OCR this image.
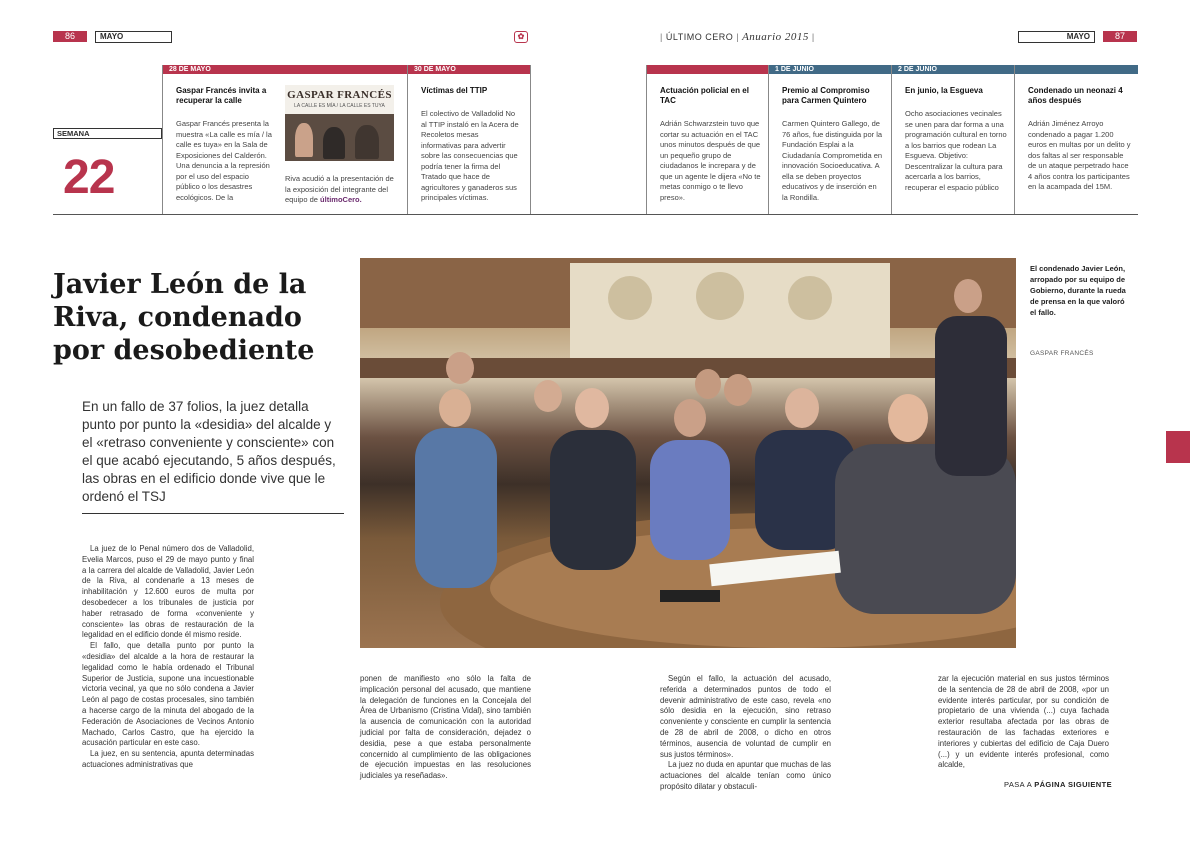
86	MAYO	✿	| ÚLTIMO CERO | Anuario 2015 |	MAYO	87
28 DE MAYO	30 DE MAYO	1 DE JUNIO	2 DE JUNIO
SEMANA
22
Gaspar Francés invita a recuperar la calle
Gaspar Francés presenta la muestra «La calle es mía / la calle es tuya» en la Sala de Exposiciones del Calderón. Una denuncia a la represión por el uso del espacio público o los desastres ecológicos. De la
GASPAR FRANCÉS
LA CALLE ES MÍA / LA CALLE ES TUYA
Riva acudió a la presentación de la exposición del integrante del equipo de últimoCero.
Víctimas del TTIP
El colectivo de Valladolid No al TTIP instaló en la Acera de Recoletos mesas informativas para advertir sobre las consecuencias que podría tener la firma del Tratado que hace de agricultores y ganaderos sus principales víctimas.
Actuación policial en el TAC
Adrián Schwarzstein tuvo que cortar su actuación en el TAC unos minutos después de que un pequeño grupo de ciudadanos le increpara y de que un agente le dijera «No te metas conmigo o te llevo preso».
Premio al Compromiso para Carmen Quintero
Carmen Quintero Gallego, de 76 años, fue distinguida por la Fundación Esplai a la Ciudadanía Comprometida en innovación Socioeducativa. A ella se deben proyectos educativos y de inserción en la Rondilla.
En junio, la Esgueva
Ocho asociaciones vecinales se unen para dar forma a una programación cultural en torno a los barrios que rodean La Esgueva. Objetivo: Descentralizar la cultura para acercarla a los barrios, recuperar el espacio público
Condenado un neonazi 4 años después
Adrián Jiménez Arroyo condenado a pagar 1.200 euros en multas por un delito y dos faltas al ser responsable de un ataque perpetrado hace 4 años contra los participantes en la acampada del 15M.
Javier León de la Riva, condenado por desobediente
En un fallo de 37 folios, la juez detalla punto por punto la «desidia» del alcalde y el «retraso conveniente y consciente» con el que acabó ejecutando, 5 años después, las obras en el edificio donde vive que le ordenó el TSJ
El condenado Javier León, arropado por su equipo de Gobierno, durante la rueda de prensa en la que valoró el fallo.
GASPAR FRANCÉS

La juez de lo Penal número dos de Valladolid, Evelia Marcos, puso el 29 de mayo punto y final a la carrera del alcalde de Valladolid, Javier León de la Riva, al condenarle a 13 meses de inhabilitación y 12.600 euros de multa por desobedecer a los tribunales de justicia por haber retrasado de forma «conveniente y consciente» las obras de restauración de la legalidad en el edificio donde él mismo reside.

El fallo, que detalla punto por punto la «desidia» del alcalde a la hora de restaurar la legalidad como le había ordenado el Tribunal Superior de Justicia, supone una incuestionable victoria vecinal, ya que no sólo condena a Javier León al pago de costas procesales, sino también a hacerse cargo de la minuta del abogado de la Federación de Asociaciones de Vecinos Antonio Machado, Carlos Castro, que ha ejercido la acusación particular en este caso.

La juez, en su sentencia, apunta determinadas actuaciones administrativas que

ponen de manifiesto «no sólo la falta de implicación personal del acusado, que mantiene la delegación de funciones en la Concejala del Área de Urbanismo (Cristina Vidal), sino también la ausencia de comunicación con la autoridad judicial por falta de consideración, dejadez o desidia, pese a que estaba personalmente concernido al cumplimiento de las obligaciones de ejecución impuestas en las resoluciones judiciales ya reseñadas».

Según el fallo, la actuación del acusado, referida a determinados puntos de todo el devenir administrativo de este caso, revela «no sólo desidia en la ejecución, sino retraso conveniente y consciente en cumplir la sentencia de 28 de abril de 2008, o dicho en otros términos, ausencia de voluntad de cumplir en sus justos términos».

La juez no duda en apuntar que muchas de las actuaciones del alcalde tenían como único propósito dilatar y obstaculi-

zar la ejecución material en sus justos términos de la sentencia de 28 de abril de 2008, «por un evidente interés particular, por su condición de propietario de una vivienda (...) cuya fachada exterior resultaba afectada por las obras de restauración de las fachadas exteriores e interiores y cubiertas del edificio de Caja Duero (...) y un evidente interés profesional, como alcalde,

PASA A PÁGINA SIGUIENTE
